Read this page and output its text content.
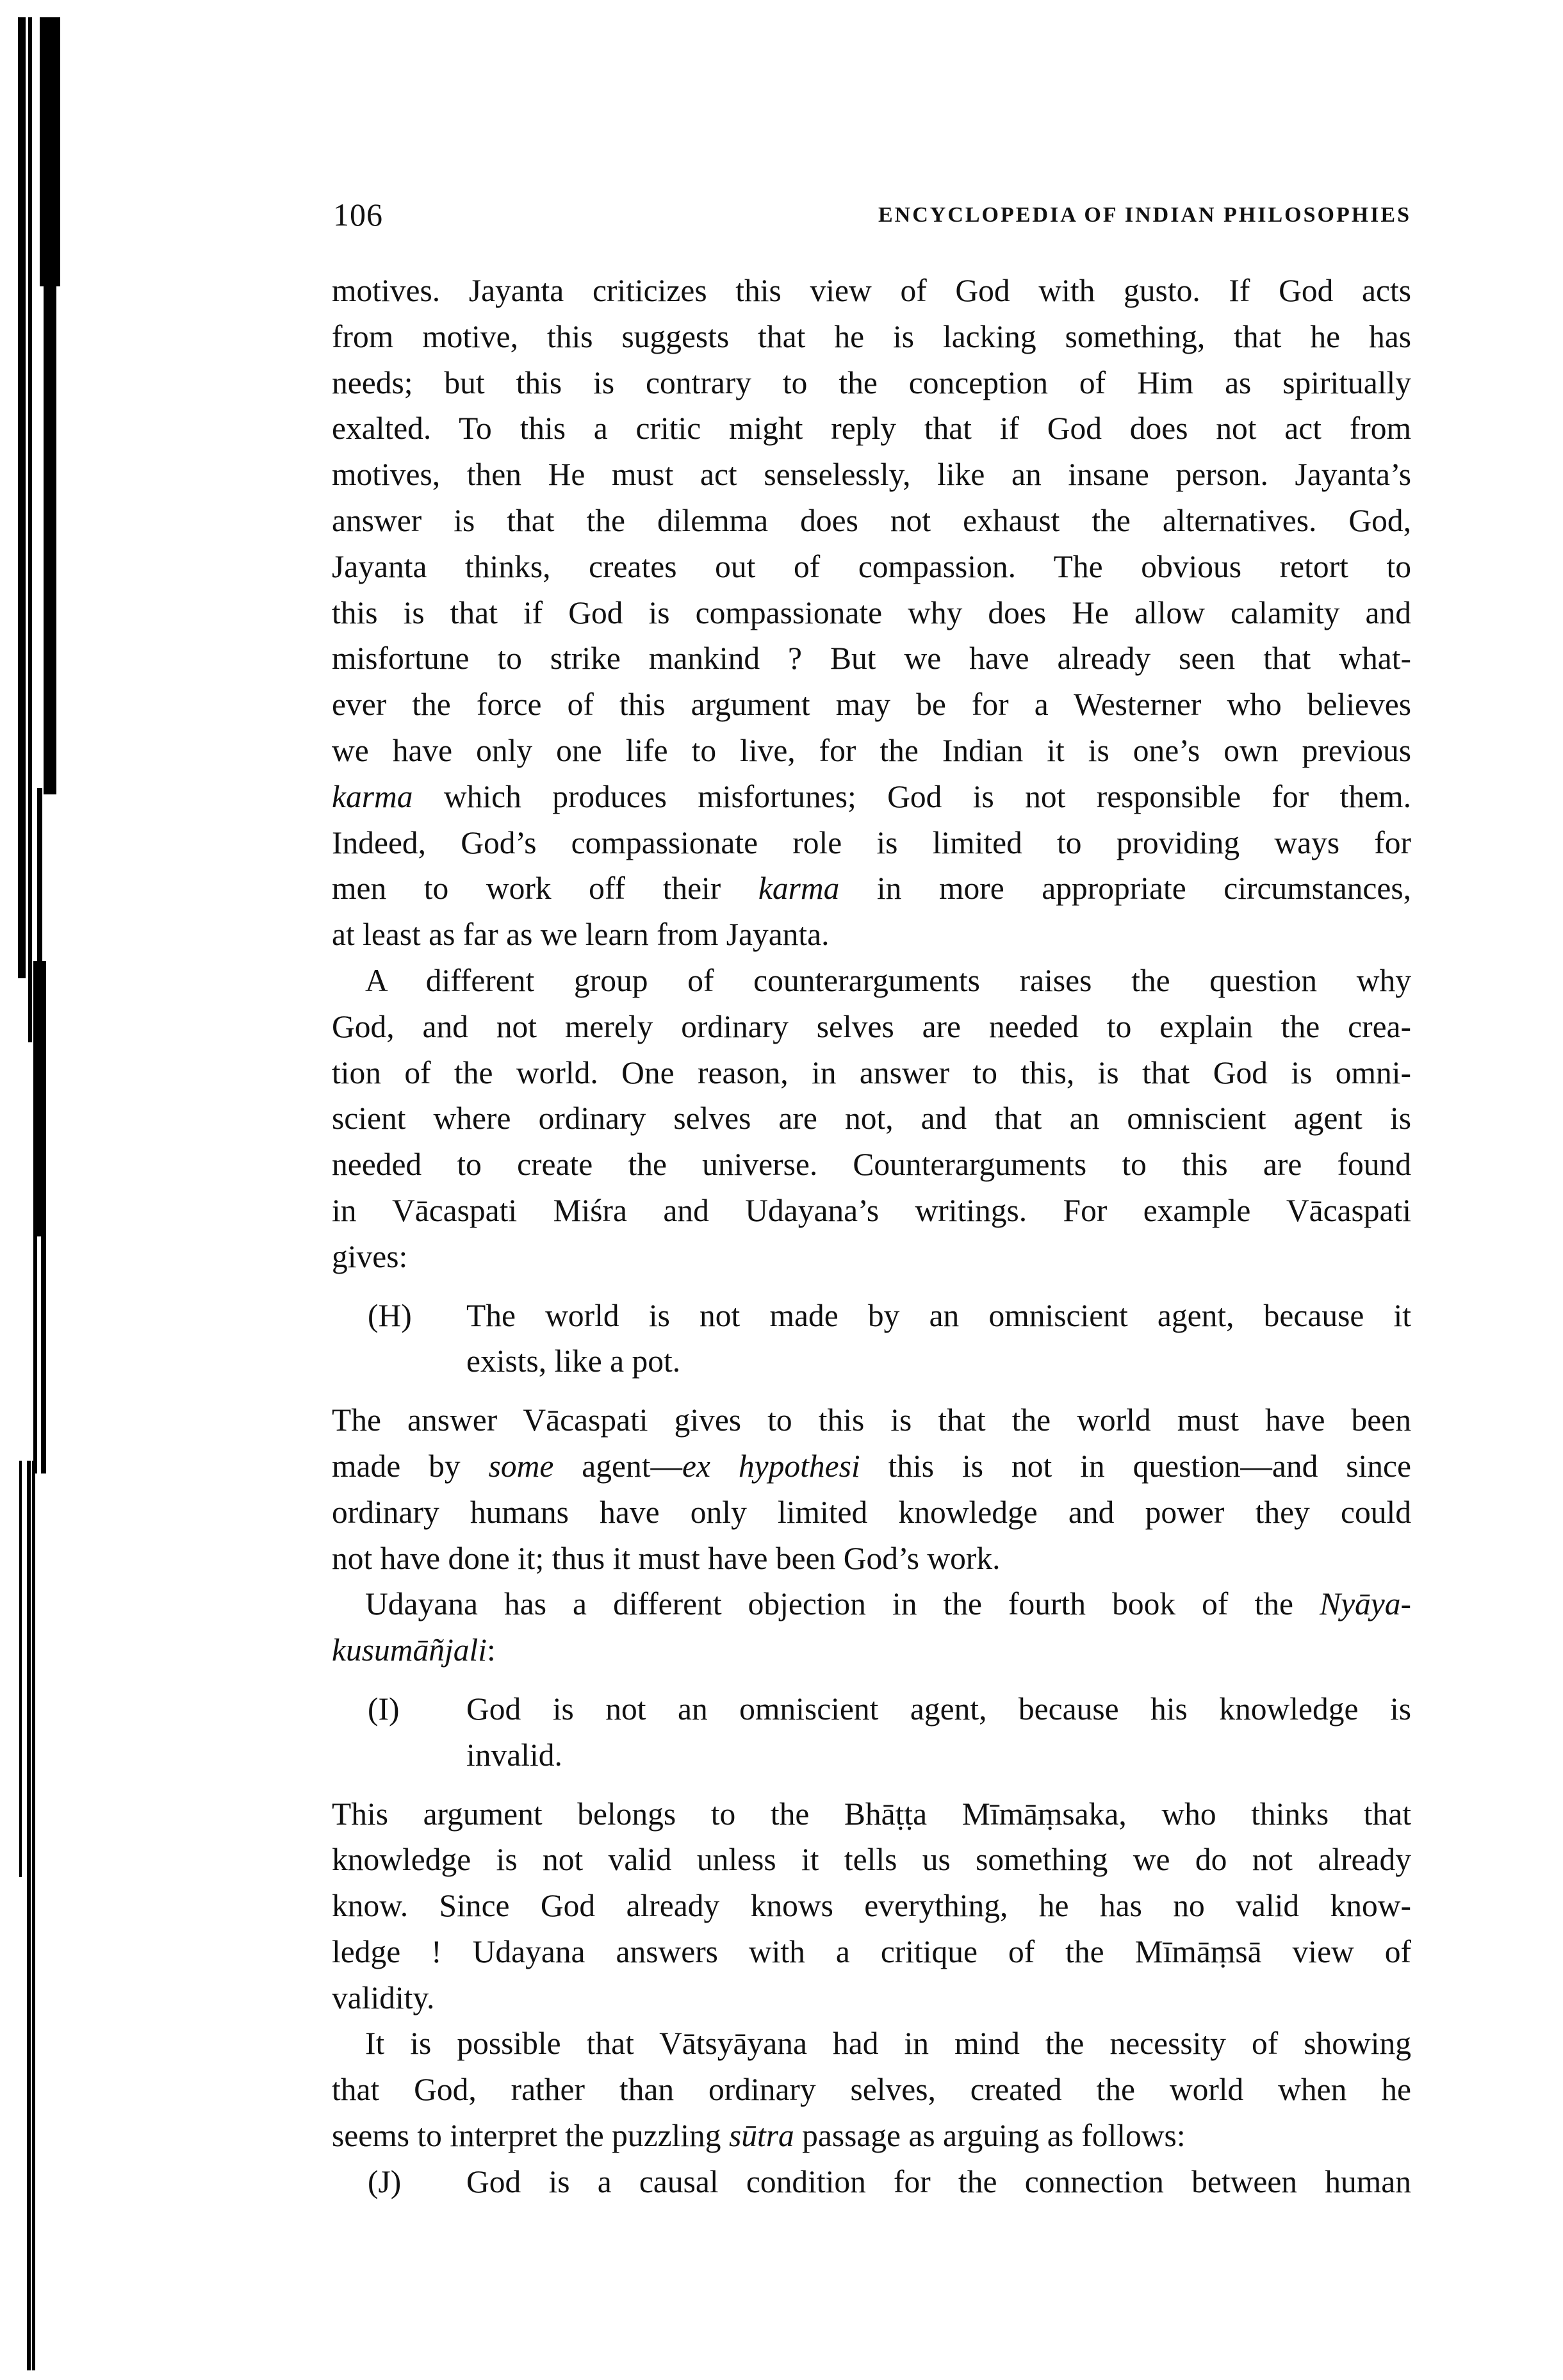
106	ENCYCLOPEDIA OF INDIAN PHILOSOPHIES
motives. Jayanta criticizes this view of God with gusto. If God acts
from motive, this suggests that he is lacking something, that he has
needs; but this is contrary to the conception of Him as spiritually
exalted. To this a critic might reply that if God does not act from
motives, then He must act senselessly, like an insane person. Jayanta’s
answer is that the dilemma does not exhaust the alternatives. God,
Jayanta thinks, creates out of compassion. The obvious retort to
this is that if God is compassionate why does He allow calamity and
misfortune to strike mankind ? But we have already seen that what-
ever the force of this argument may be for a Westerner who believes
we have only one life to live, for the Indian it is one’s own previous
karma which produces misfortunes; God is not responsible for them.
Indeed, God’s compassionate role is limited to providing ways for
men to work off their karma in more appropriate circumstances,
at least as far as we learn from Jayanta.
A different group of counterarguments raises the question why
God, and not merely ordinary selves are needed to explain the crea-
tion of the world. One reason, in answer to this, is that God is omni-
scient where ordinary selves are not, and that an omniscient agent is
needed to create the universe. Counterarguments to this are found
in Vācaspati Miśra and Udayana’s writings. For example Vācaspati
gives:
(H) The world is not made by an omniscient agent, because it
exists, like a pot.
The answer Vācaspati gives to this is that the world must have been
made by some agent—ex hypothesi this is not in question—and since
ordinary humans have only limited knowledge and power they could
not have done it; thus it must have been God’s work.
Udayana has a different objection in the fourth book of the Nyāya-
kusumāñjali:
(I) God is not an omniscient agent, because his knowledge is
invalid.
This argument belongs to the Bhāṭṭa Mīmāṃsaka, who thinks that
knowledge is not valid unless it tells us something we do not already
know. Since God already knows everything, he has no valid know-
ledge ! Udayana answers with a critique of the Mīmāṃsā view of
validity.
It is possible that Vātsyāyana had in mind the necessity of showing
that God, rather than ordinary selves, created the world when he
seems to interpret the puzzling sūtra passage as arguing as follows:
(J) God is a causal condition for the connection between human
